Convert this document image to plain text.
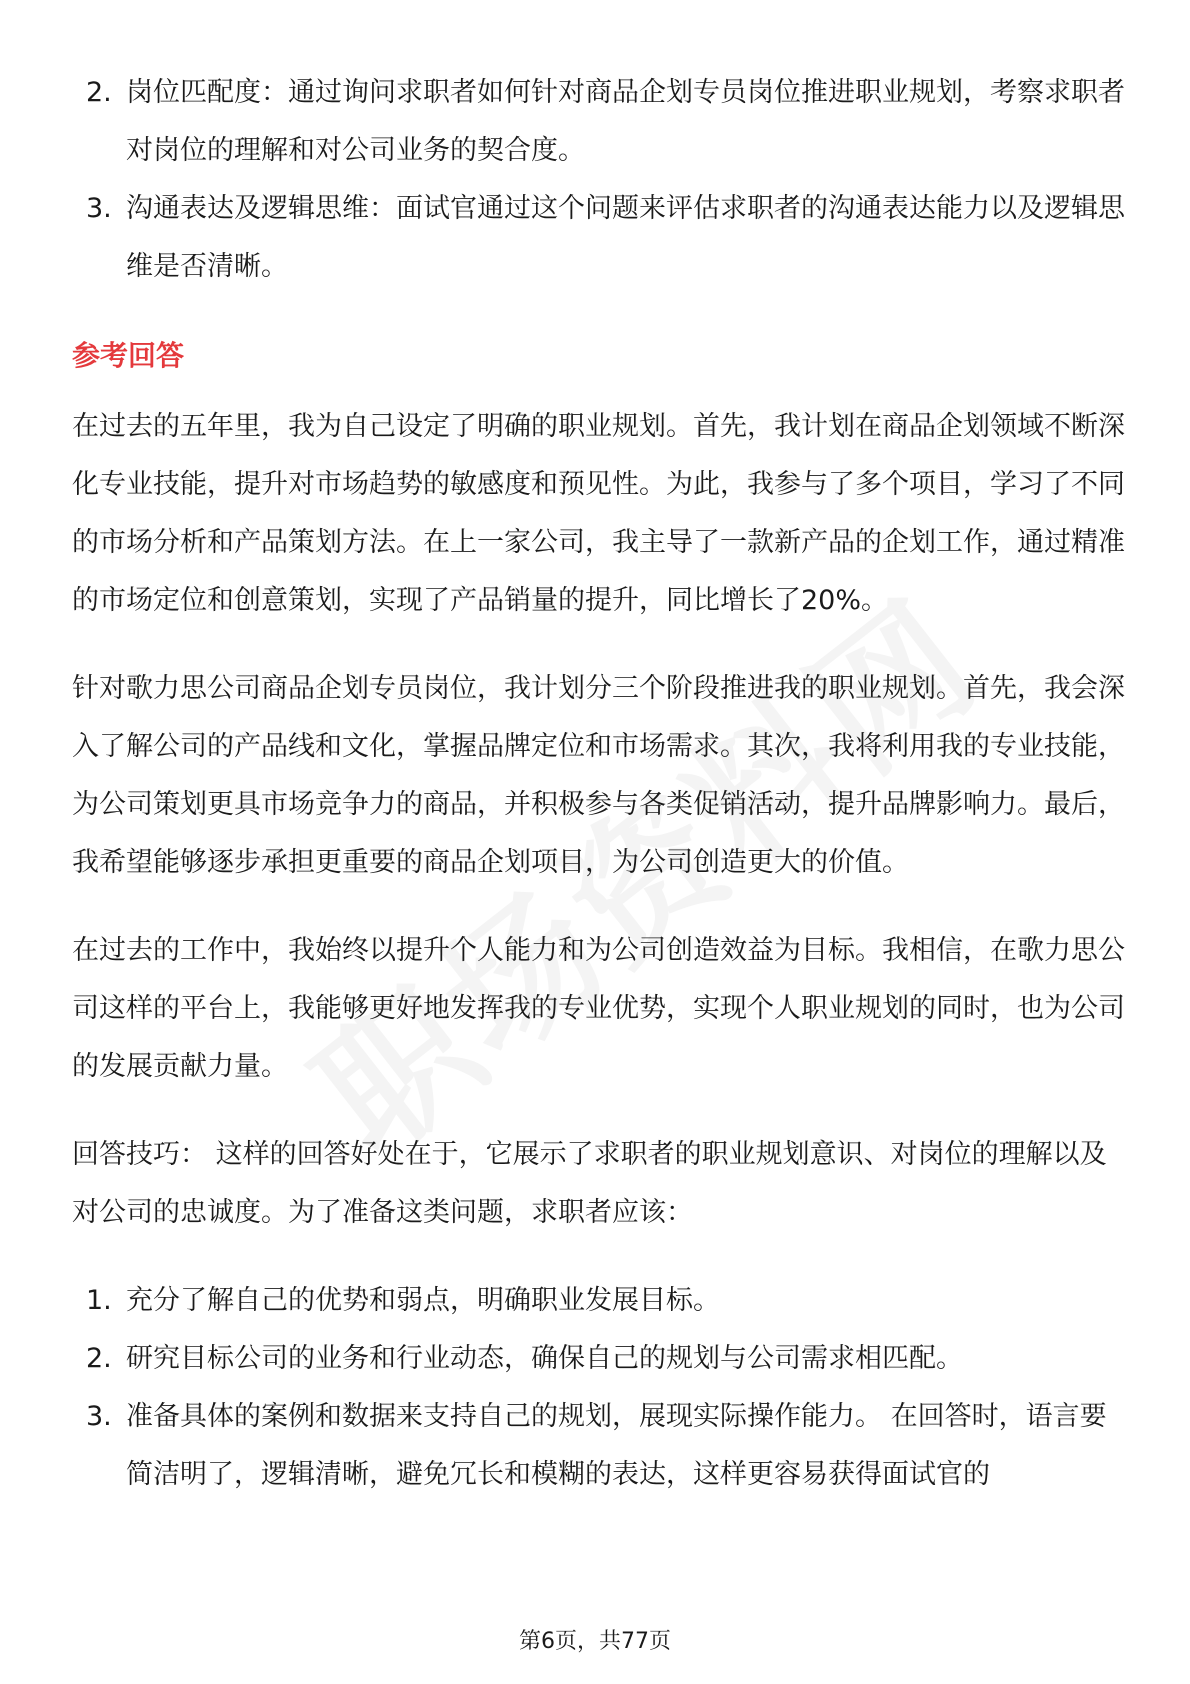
2. 岗位匹配度：通过询问求职者如何针对商品企划专员岗位推进职业规划，考察求职者对岗位的理解和对公司业务的契合度。
3. 沟通表达及逻辑思维：面试官通过这个问题来评估求职者的沟通表达能力以及逻辑思维是否清晰。
参考回答

在过去的五年里，我为自己设定了明确的职业规划。首先，我计划在商品企划领域不断深化专业技能，提升对市场趋势的敏感度和预见性。为此，我参与了多个项目，学习了不同的市场分析和产品策划方法。在上一家公司，我主导了一款新产品的企划工作，通过精准的市场定位和创意策划，实现了产品销量的提升，同比增长了20%。

针对歌力思公司商品企划专员岗位，我计划分三个阶段推进我的职业规划。首先，我会深入了解公司的产品线和文化，掌握品牌定位和市场需求。其次，我将利用我的专业技能，为公司策划更具市场竞争力的商品，并积极参与各类促销活动，提升品牌影响力。最后，我希望能够逐步承担更重要的商品企划项目，为公司创造更大的价值。

在过去的工作中，我始终以提升个人能力和为公司创造效益为目标。我相信，在歌力思公司这样的平台上，我能够更好地发挥我的专业优势，实现个人职业规划的同时，也为公司的发展贡献力量。

回答技巧： 这样的回答好处在于，它展示了求职者的职业规划意识、对岗位的理解以及对公司的忠诚度。为了准备这类问题，求职者应该：

1. 充分了解自己的优势和弱点，明确职业发展目标。
2. 研究目标公司的业务和行业动态，确保自己的规划与公司需求相匹配。
3. 准备具体的案例和数据来支持自己的规划，展现实际操作能力。 在回答时，语言要简洁明了，逻辑清晰，避免冗长和模糊的表达，这样更容易获得面试官的
第6页，共77页
